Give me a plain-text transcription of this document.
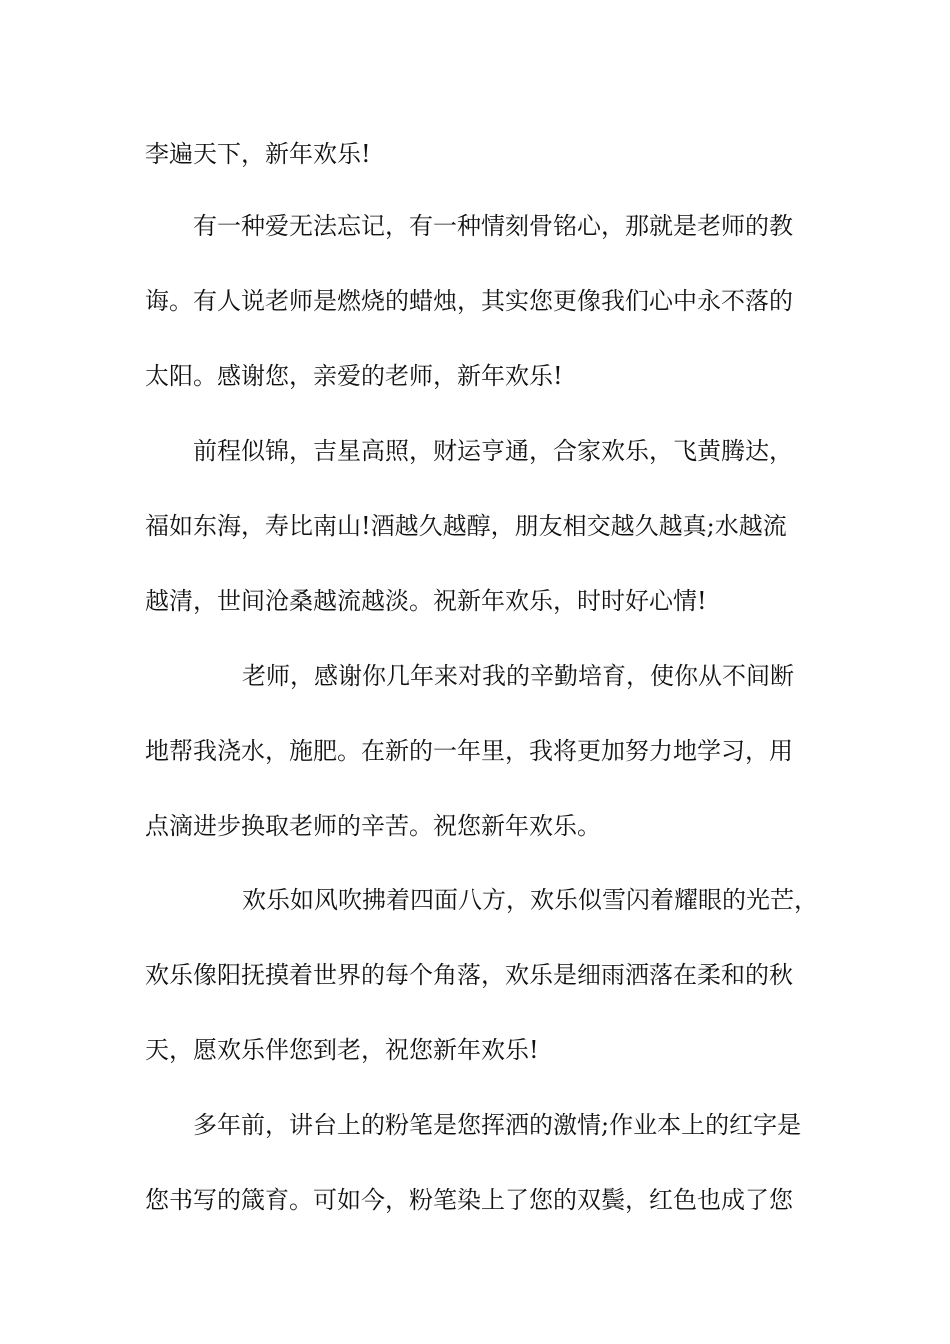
李遍天下，新年欢乐!
有一种爱无法忘记，有一种情刻骨铭心，那就是老师的教
诲。有人说老师是燃烧的蜡烛，其实您更像我们心中永不落的
太阳。感谢您，亲爱的老师，新年欢乐!
前程似锦，吉星高照，财运亨通，合家欢乐，飞黄腾达，
福如东海，寿比南山!酒越久越醇，朋友相交越久越真;水越流
越清，世间沧桑越流越淡。祝新年欢乐，时时好心情!
老师，感谢你几年来对我的辛勤培育，使你从不间断
地帮我浇水，施肥。在新的一年里，我将更加努力地学习，用
点滴进步换取老师的辛苦。祝您新年欢乐。
欢乐如风吹拂着四面八方，欢乐似雪闪着耀眼的光芒，
欢乐像阳抚摸着世界的每个角落，欢乐是细雨洒落在柔和的秋
天，愿欢乐伴您到老，祝您新年欢乐!
多年前，讲台上的粉笔是您挥洒的激情;作业本上的红字是
您书写的箴育。可如今，粉笔染上了您的双鬓，红色也成了您
